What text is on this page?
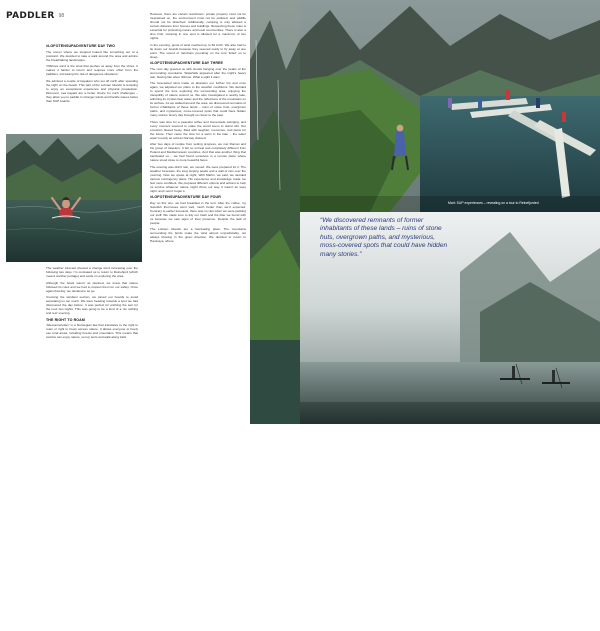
PADDLER 98
#LOFOTENSUPADVENTURE DAY TWO

The corner where we stopped looked like something out of a postcard. We decided to take a walk around the area and admire the breathtaking landscapes.

'Offshore wind is the wind that pushes us away from the shore. It makes it harder to return and requires more effort from the paddlers, increasing the risk of dangerous situations.'

We admired a couple of kayakers who set off north after spending the night on the beach. This part of the Lofoten Islands is tempting to enjoy an exceptional experience and physical preparation. Moreover, sea kayaks are a better choice for such challenges – they allow you to paddle in stronger winds and handle waves better than SUP boards.

The weather forecast showed a change wind increasing over the following two days. I'm motivated us to return to Reinefjord (which means another portage) and settle on exploring the area.

Although the boats wasn't as planned, we knew that nature followed its rules and we had to respect them for our safety. Once again that day, we decided to let go.

Crossing the windiest section, we joined our boards to avoid separating us too much. We were heading towards a spot we had discovered the day before. It was perfect for pitching the tent for the next two nights. This was going to be a kind of a 'do nothing and rest' evening.

THE RIGHT TO ROAM

'Allemannsretten' is a Norwegian law that translates to the right to roam or right to freely access nature. It allows everyone to freely use rural areas, including forests and mountains. This means that tourists can enjoy nature, set up tents and walk along trails

However, there are certain restrictions: private property must not be trespassed on, the environment must not be polluted, and wildlife should not be disturbed. Additionally, camping is only allowed a certain distance from houses and buildings. Respecting these rules is essential for protecting nature and local communities. There is also a time limit: camping in one spot is allowed for a maximum of two nights.

In the evening, gusts of wind reached up to 60 km/h. We also had to tie down our boards because they seemed ready to fly away at one point. The sound of raindrops pounding on the tent 'lulled' us to sleep...

#LOFOTENSUPADVENTURE DAY THREE

The next day greeted us with clouds hanging over the peaks of the surrounding mountains. Waterfalls appeared after the night's heavy rain, flowing like silver ribbons. What a sight it was!

The forecasted wind made us abandon our further trip and once again, we adjusted our plans to the weather conditions. We decided to spend the time exploring the surrounding area, enjoying the tranquillity of nature around us. We also investigated a nearby lake, admiring its crystal clear water and the reflections of the mountains on its surface. As we walked around the area, we discovered remnants of former inhabitants of these lands – ruins of stone huts, overgrown paths, and mysterious, moss-covered spots that could have hidden many stories. Every day brought us closer to the past.

There was time for a peaceful coffee and homemade swinging, and every moment seemed to make the world seem to stand still. Our emotions flowed freely, filled with laughter, memories, and plans for the future. Then came the time for a swim in the lake – the water wasn't nearly as cold as Norway claimed.

After two days of respite from setting progress, we met Roman and his group of travelers. It felt so surreal and completely different from Poland and Mediterranean countries. And that was another thing that captivated us – we had found ourselves in a remote place where nature stood close to more beautiful faces.

The evening was didn't rain, we moved. We were prepared for it. The weather forecasts, the long sloping peaks and a wall of rain over the morning. Now we spoke at night. With Martin, we said, we decided various contingency plans. His experience and knowledge made me feel more confident. We prepared different options and actions to help us survive whatever nature might throw our way. It wasn't an easy night, and I won't forget it.

#LOFOTENSUPADVENTURE DAY FOUR

Day on this one, we had breakfast in the tent. After the coffee, my Swedish thermoses went well, much better than we'd expected. Contrary to earlier forecasts, there was no rain when we were packing our stuff. We made sure to tidy our trash and the litter we found with us because we saw signs of their presence. Despite the lack of people.

The Lofoten Islands are a fascinating place. The mountains surrounding the fjords make the wind almost unpredictably, not always blowing in the given direction. We decided to return to Hamnøya, where

Mart: SUP experiences – revealing on a tour to Reinefjorded
Although the sun was missing, we couldn't complain – we were paddling in a magical atmosphere
PADDLER 99
“We discovered remnants of former inhabitants of these lands – ruins of stone huts, overgrown paths, and mysterious, moss-covered spots that could have hidden many stories.”
